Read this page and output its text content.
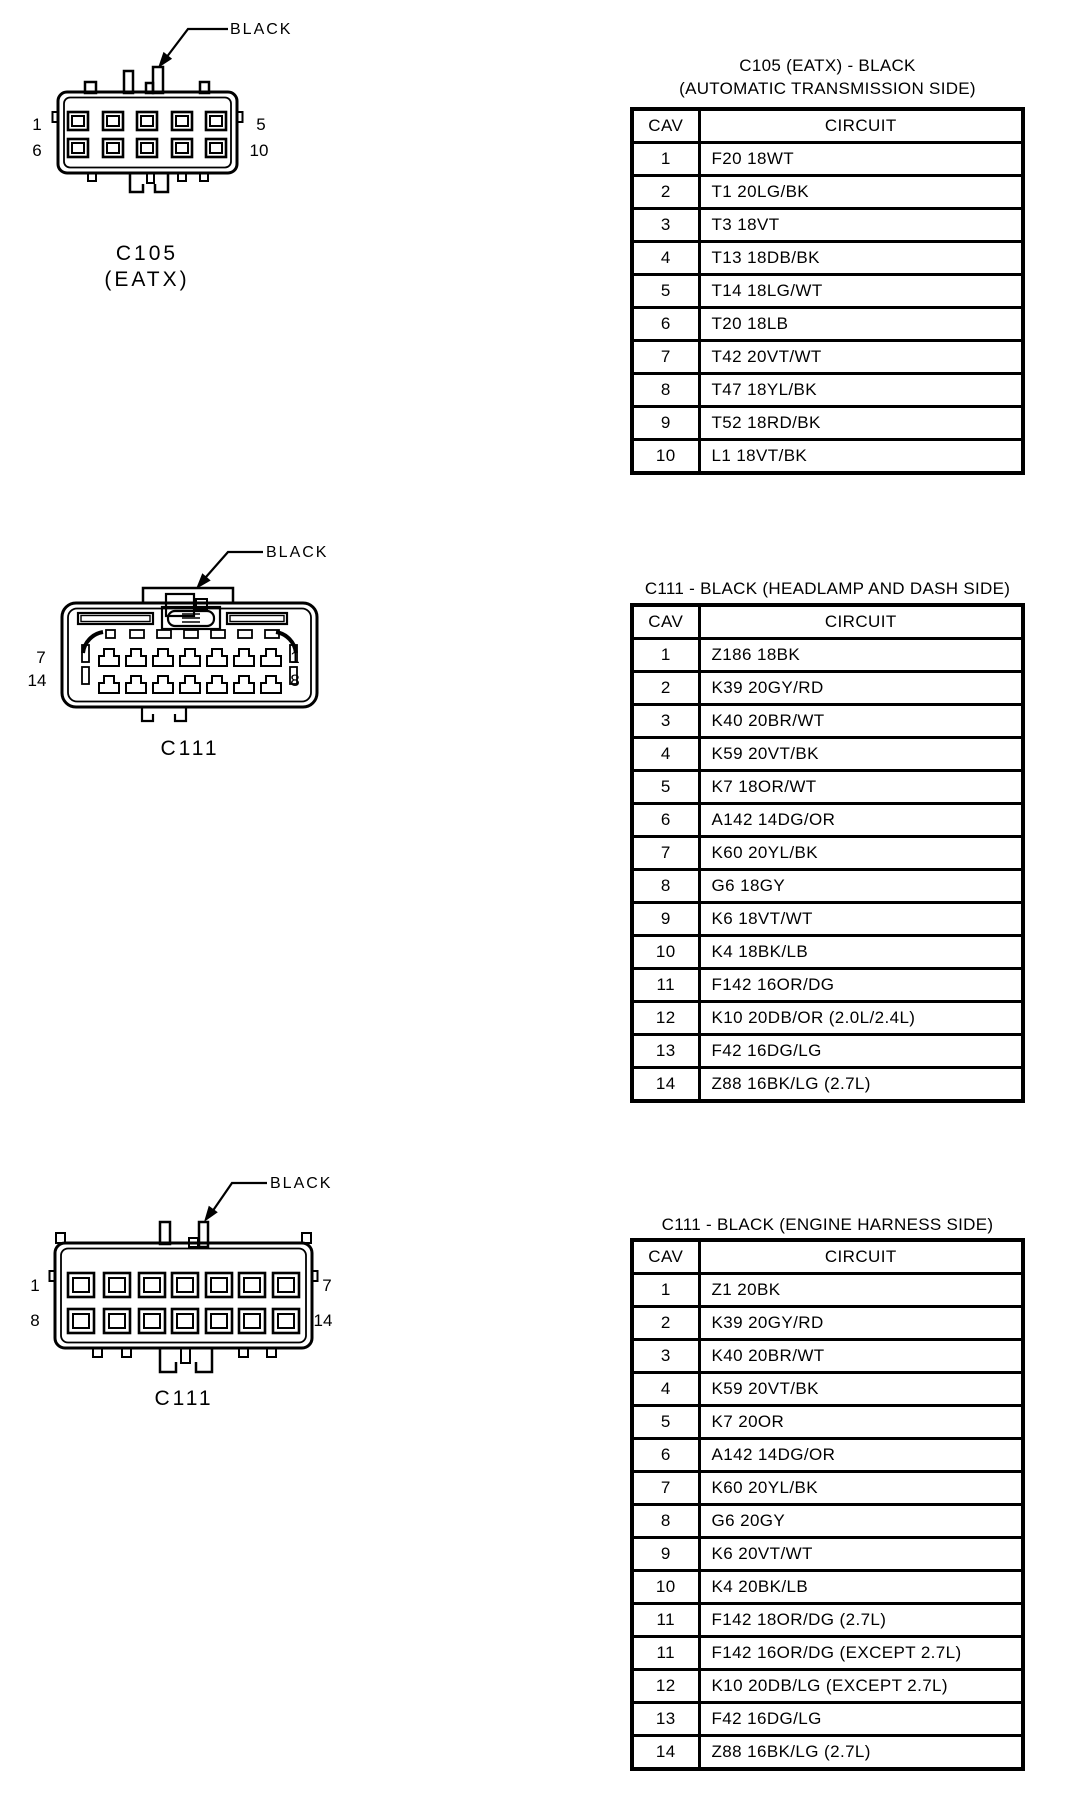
BLACK
1
6
5
10
C105
(EATX)
BLACK
7
14
1
8
C111
BLACK
1
8
7
14
C111
C105 (EATX) - BLACK
(AUTOMATIC TRANSMISSION SIDE)
CAV	CIRCUIT
1	F20 18WT
2	T1 20LG/BK
3	T3 18VT
4	T13 18DB/BK
5	T14 18LG/WT
6	T20 18LB
7	T42 20VT/WT
8	T47 18YL/BK
9	T52 18RD/BK
10	L1 18VT/BK
C111 - BLACK (HEADLAMP AND DASH SIDE)
CAV	CIRCUIT
1	Z186 18BK
2	K39 20GY/RD
3	K40 20BR/WT
4	K59 20VT/BK
5	K7 18OR/WT
6	A142 14DG/OR
7	K60 20YL/BK
8	G6 18GY
9	K6 18VT/WT
10	K4 18BK/LB
11	F142 16OR/DG
12	K10 20DB/OR (2.0L/2.4L)
13	F42 16DG/LG
14	Z88 16BK/LG (2.7L)
C111 - BLACK (ENGINE HARNESS SIDE)
CAV	CIRCUIT
1	Z1 20BK
2	K39 20GY/RD
3	K40 20BR/WT
4	K59 20VT/BK
5	K7 20OR
6	A142 14DG/OR
7	K60 20YL/BK
8	G6 20GY
9	K6 20VT/WT
10	K4 20BK/LB
11	F142 18OR/DG (2.7L)
11	F142 16OR/DG (EXCEPT 2.7L)
12	K10 20DB/LG (EXCEPT 2.7L)
13	F42 16DG/LG
14	Z88 16BK/LG (2.7L)
